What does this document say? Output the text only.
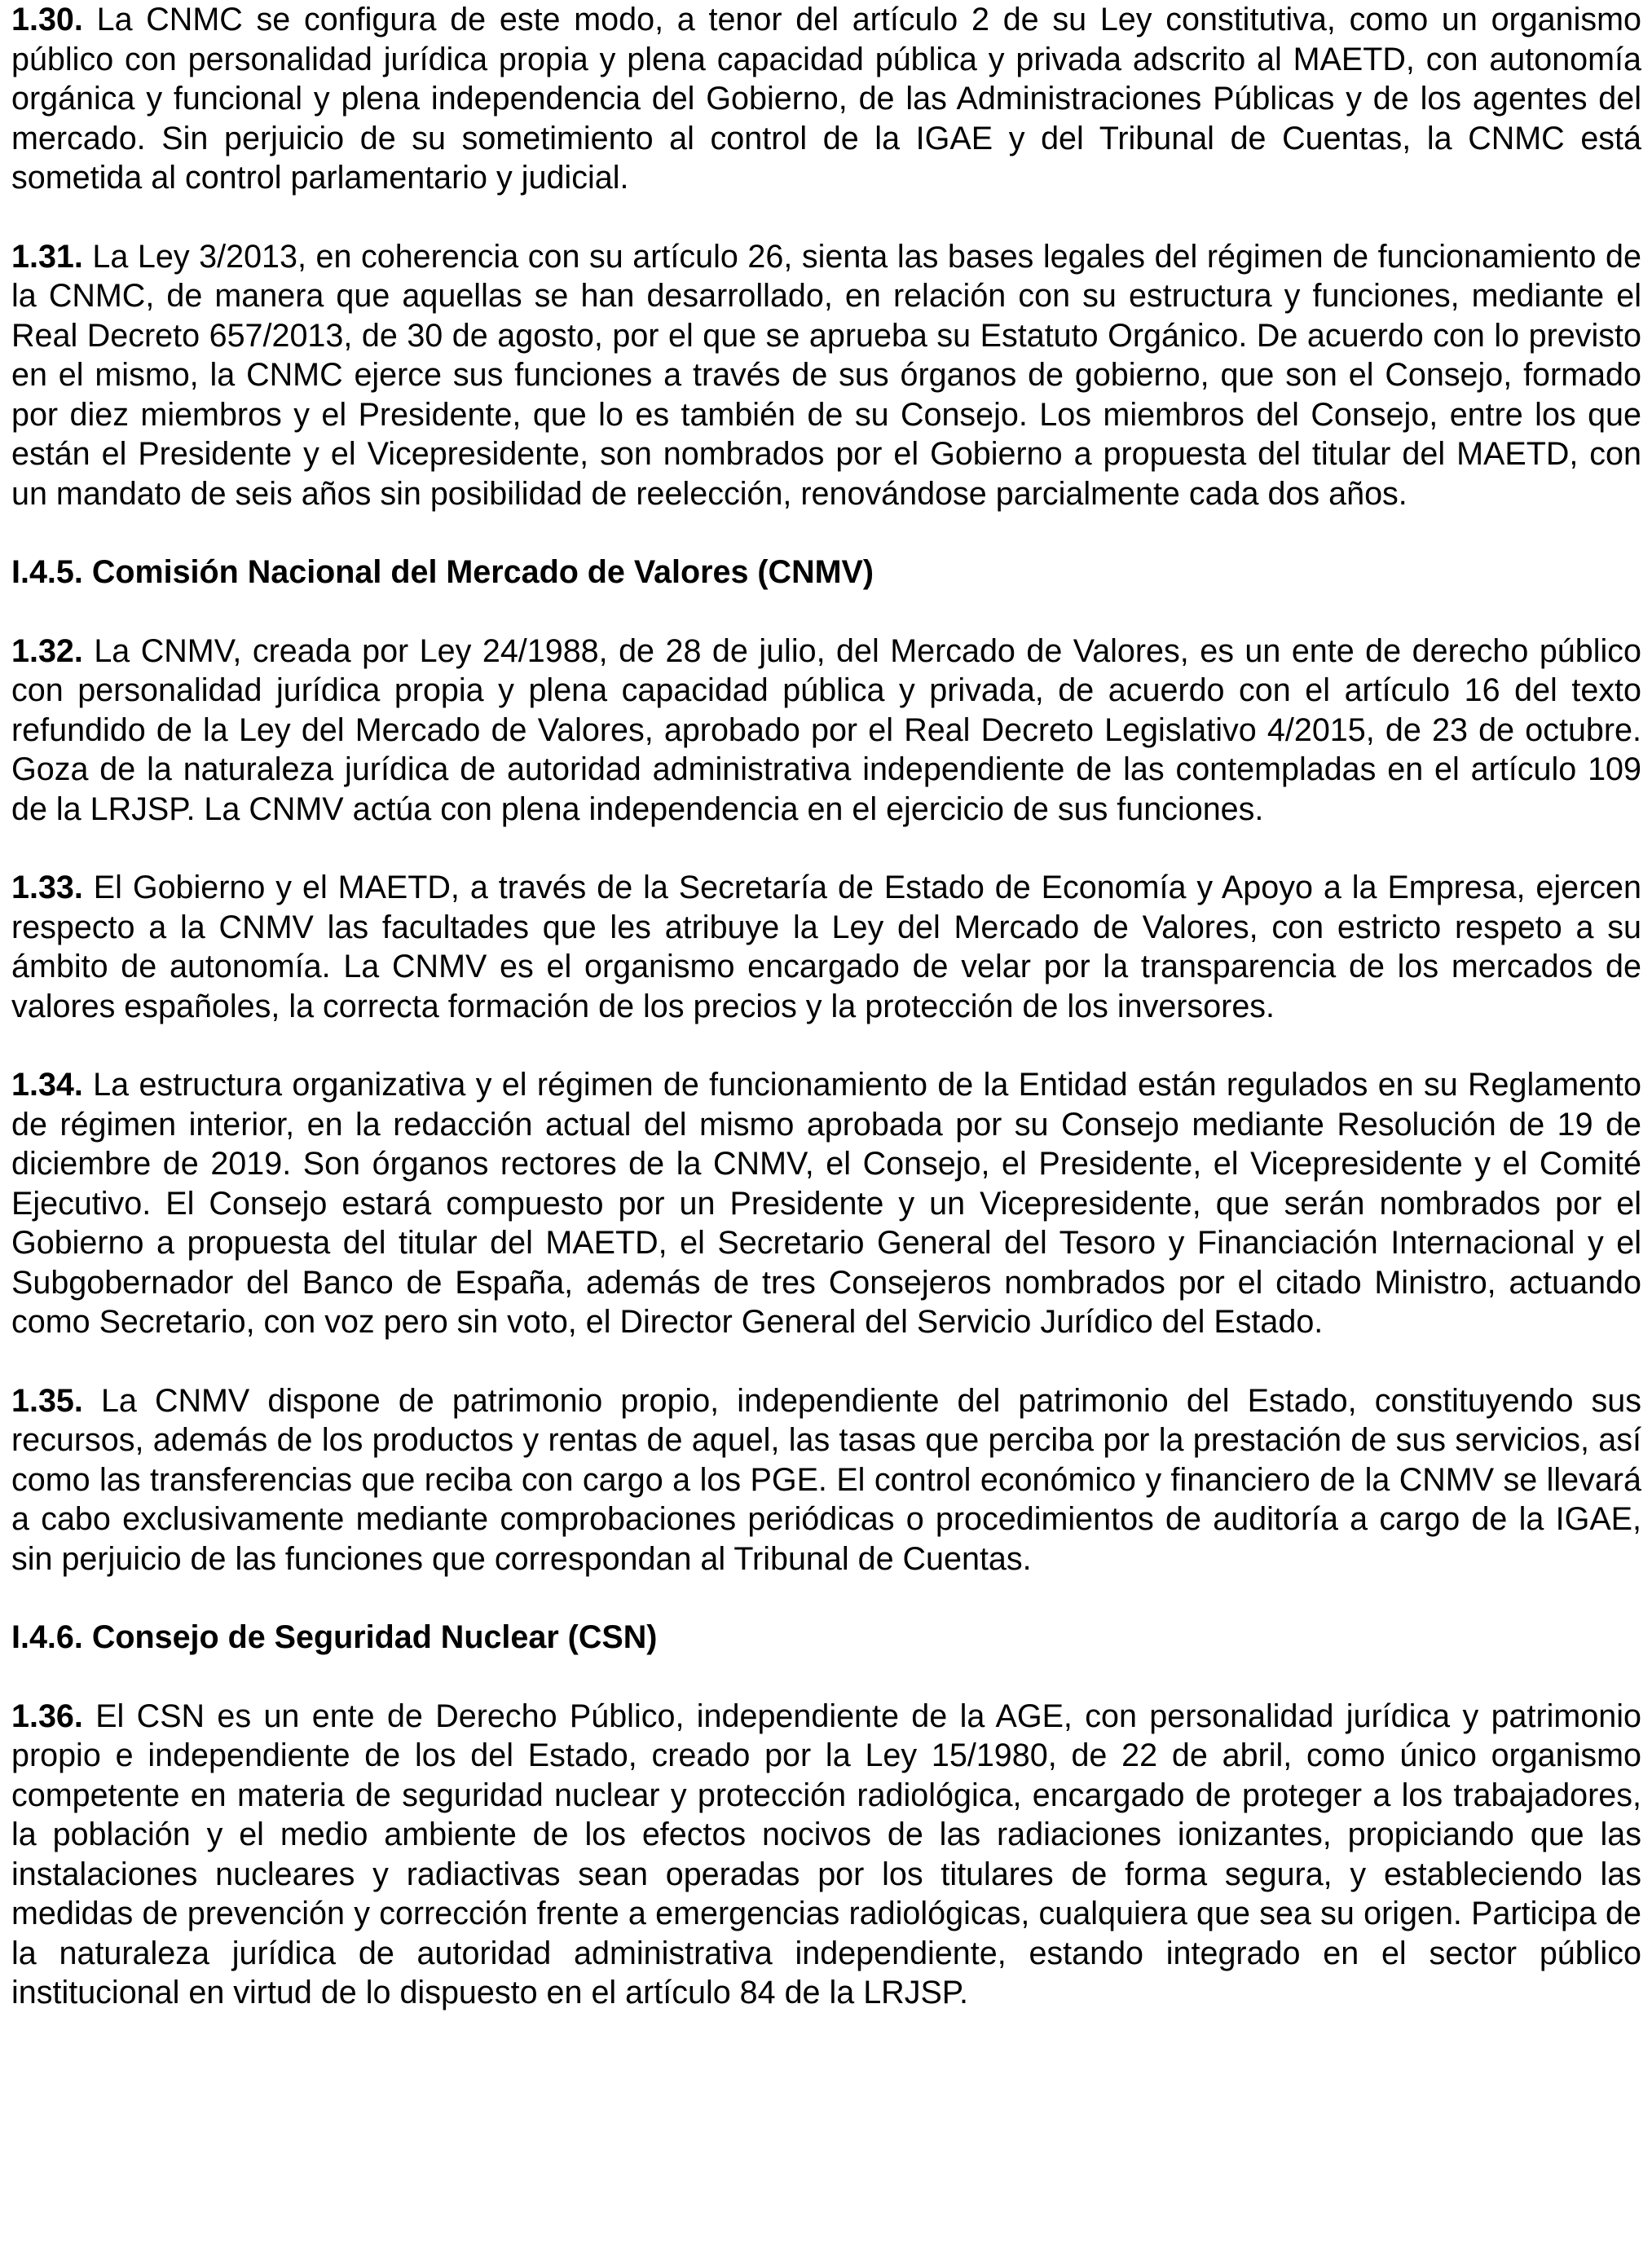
1.30. La CNMC se configura de este modo, a tenor del artículo 2 de su Ley constitutiva, como un organismo público con personalidad jurídica propia y plena capacidad pública y privada adscrito al MAETD, con autonomía orgánica y funcional y plena independencia del Gobierno, de las Administraciones Públicas y de los agentes del mercado. Sin perjuicio de su sometimiento al control de la IGAE y del Tribunal de Cuentas, la CNMC está sometida al control parlamentario y judicial.

1.31. La Ley 3/2013, en coherencia con su artículo 26, sienta las bases legales del régimen de funcionamiento de la CNMC, de manera que aquellas se han desarrollado, en relación con su estructura y funciones, mediante el Real Decreto 657/2013, de 30 de agosto, por el que se aprueba su Estatuto Orgánico. De acuerdo con lo previsto en el mismo, la CNMC ejerce sus funciones a través de sus órganos de gobierno, que son el Consejo, formado por diez miembros y el Presidente, que lo es también de su Consejo. Los miembros del Consejo, entre los que están el Presidente y el Vicepresidente, son nombrados por el Gobierno a propuesta del titular del MAETD, con un mandato de seis años sin posibilidad de reelección, renovándose parcialmente cada dos años.

I.4.5. Comisión Nacional del Mercado de Valores (CNMV)

1.32. La CNMV, creada por Ley 24/1988, de 28 de julio, del Mercado de Valores, es un ente de derecho público con personalidad jurídica propia y plena capacidad pública y privada, de acuerdo con el artículo 16 del texto refundido de la Ley del Mercado de Valores, aprobado por el Real Decreto Legislativo 4/2015, de 23 de octubre. Goza de la naturaleza jurídica de autoridad administrativa independiente de las contempladas en el artículo 109 de la LRJSP. La CNMV actúa con plena independencia en el ejercicio de sus funciones.

1.33. El Gobierno y el MAETD, a través de la Secretaría de Estado de Economía y Apoyo a la Empresa, ejercen respecto a la CNMV las facultades que les atribuye la Ley del Mercado de Valores, con estricto respeto a su ámbito de autonomía. La CNMV es el organismo encargado de velar por la transparencia de los mercados de valores españoles, la correcta formación de los precios y la protección de los inversores.

1.34. La estructura organizativa y el régimen de funcionamiento de la Entidad están regulados en su Reglamento de régimen interior, en la redacción actual del mismo aprobada por su Consejo mediante Resolución de 19 de diciembre de 2019. Son órganos rectores de la CNMV, el Consejo, el Presidente, el Vicepresidente y el Comité Ejecutivo. El Consejo estará compuesto por un Presidente y un Vicepresidente, que serán nombrados por el Gobierno a propuesta del titular del MAETD, el Secretario General del Tesoro y Financiación Internacional y el Subgobernador del Banco de España, además de tres Consejeros nombrados por el citado Ministro, actuando como Secretario, con voz pero sin voto, el Director General del Servicio Jurídico del Estado.

1.35. La CNMV dispone de patrimonio propio, independiente del patrimonio del Estado, constituyendo sus recursos, además de los productos y rentas de aquel, las tasas que perciba por la prestación de sus servicios, así como las transferencias que reciba con cargo a los PGE. El control económico y financiero de la CNMV se llevará a cabo exclusivamente mediante comprobaciones periódicas o procedimientos de auditoría a cargo de la IGAE, sin perjuicio de las funciones que correspondan al Tribunal de Cuentas.

I.4.6. Consejo de Seguridad Nuclear (CSN)

1.36. El CSN es un ente de Derecho Público, independiente de la AGE, con personalidad jurídica y patrimonio propio e independiente de los del Estado, creado por la Ley 15/1980, de 22 de abril, como único organismo competente en materia de seguridad nuclear y protección radiológica, encargado de proteger a los trabajadores, la población y el medio ambiente de los efectos nocivos de las radiaciones ionizantes, propiciando que las instalaciones nucleares y radiactivas sean operadas por los titulares de forma segura, y estableciendo las medidas de prevención y corrección frente a emergencias radiológicas, cualquiera que sea su origen. Participa de la naturaleza jurídica de autoridad administrativa independiente, estando integrado en el sector público institucional en virtud de lo dispuesto en el artículo 84 de la LRJSP.
